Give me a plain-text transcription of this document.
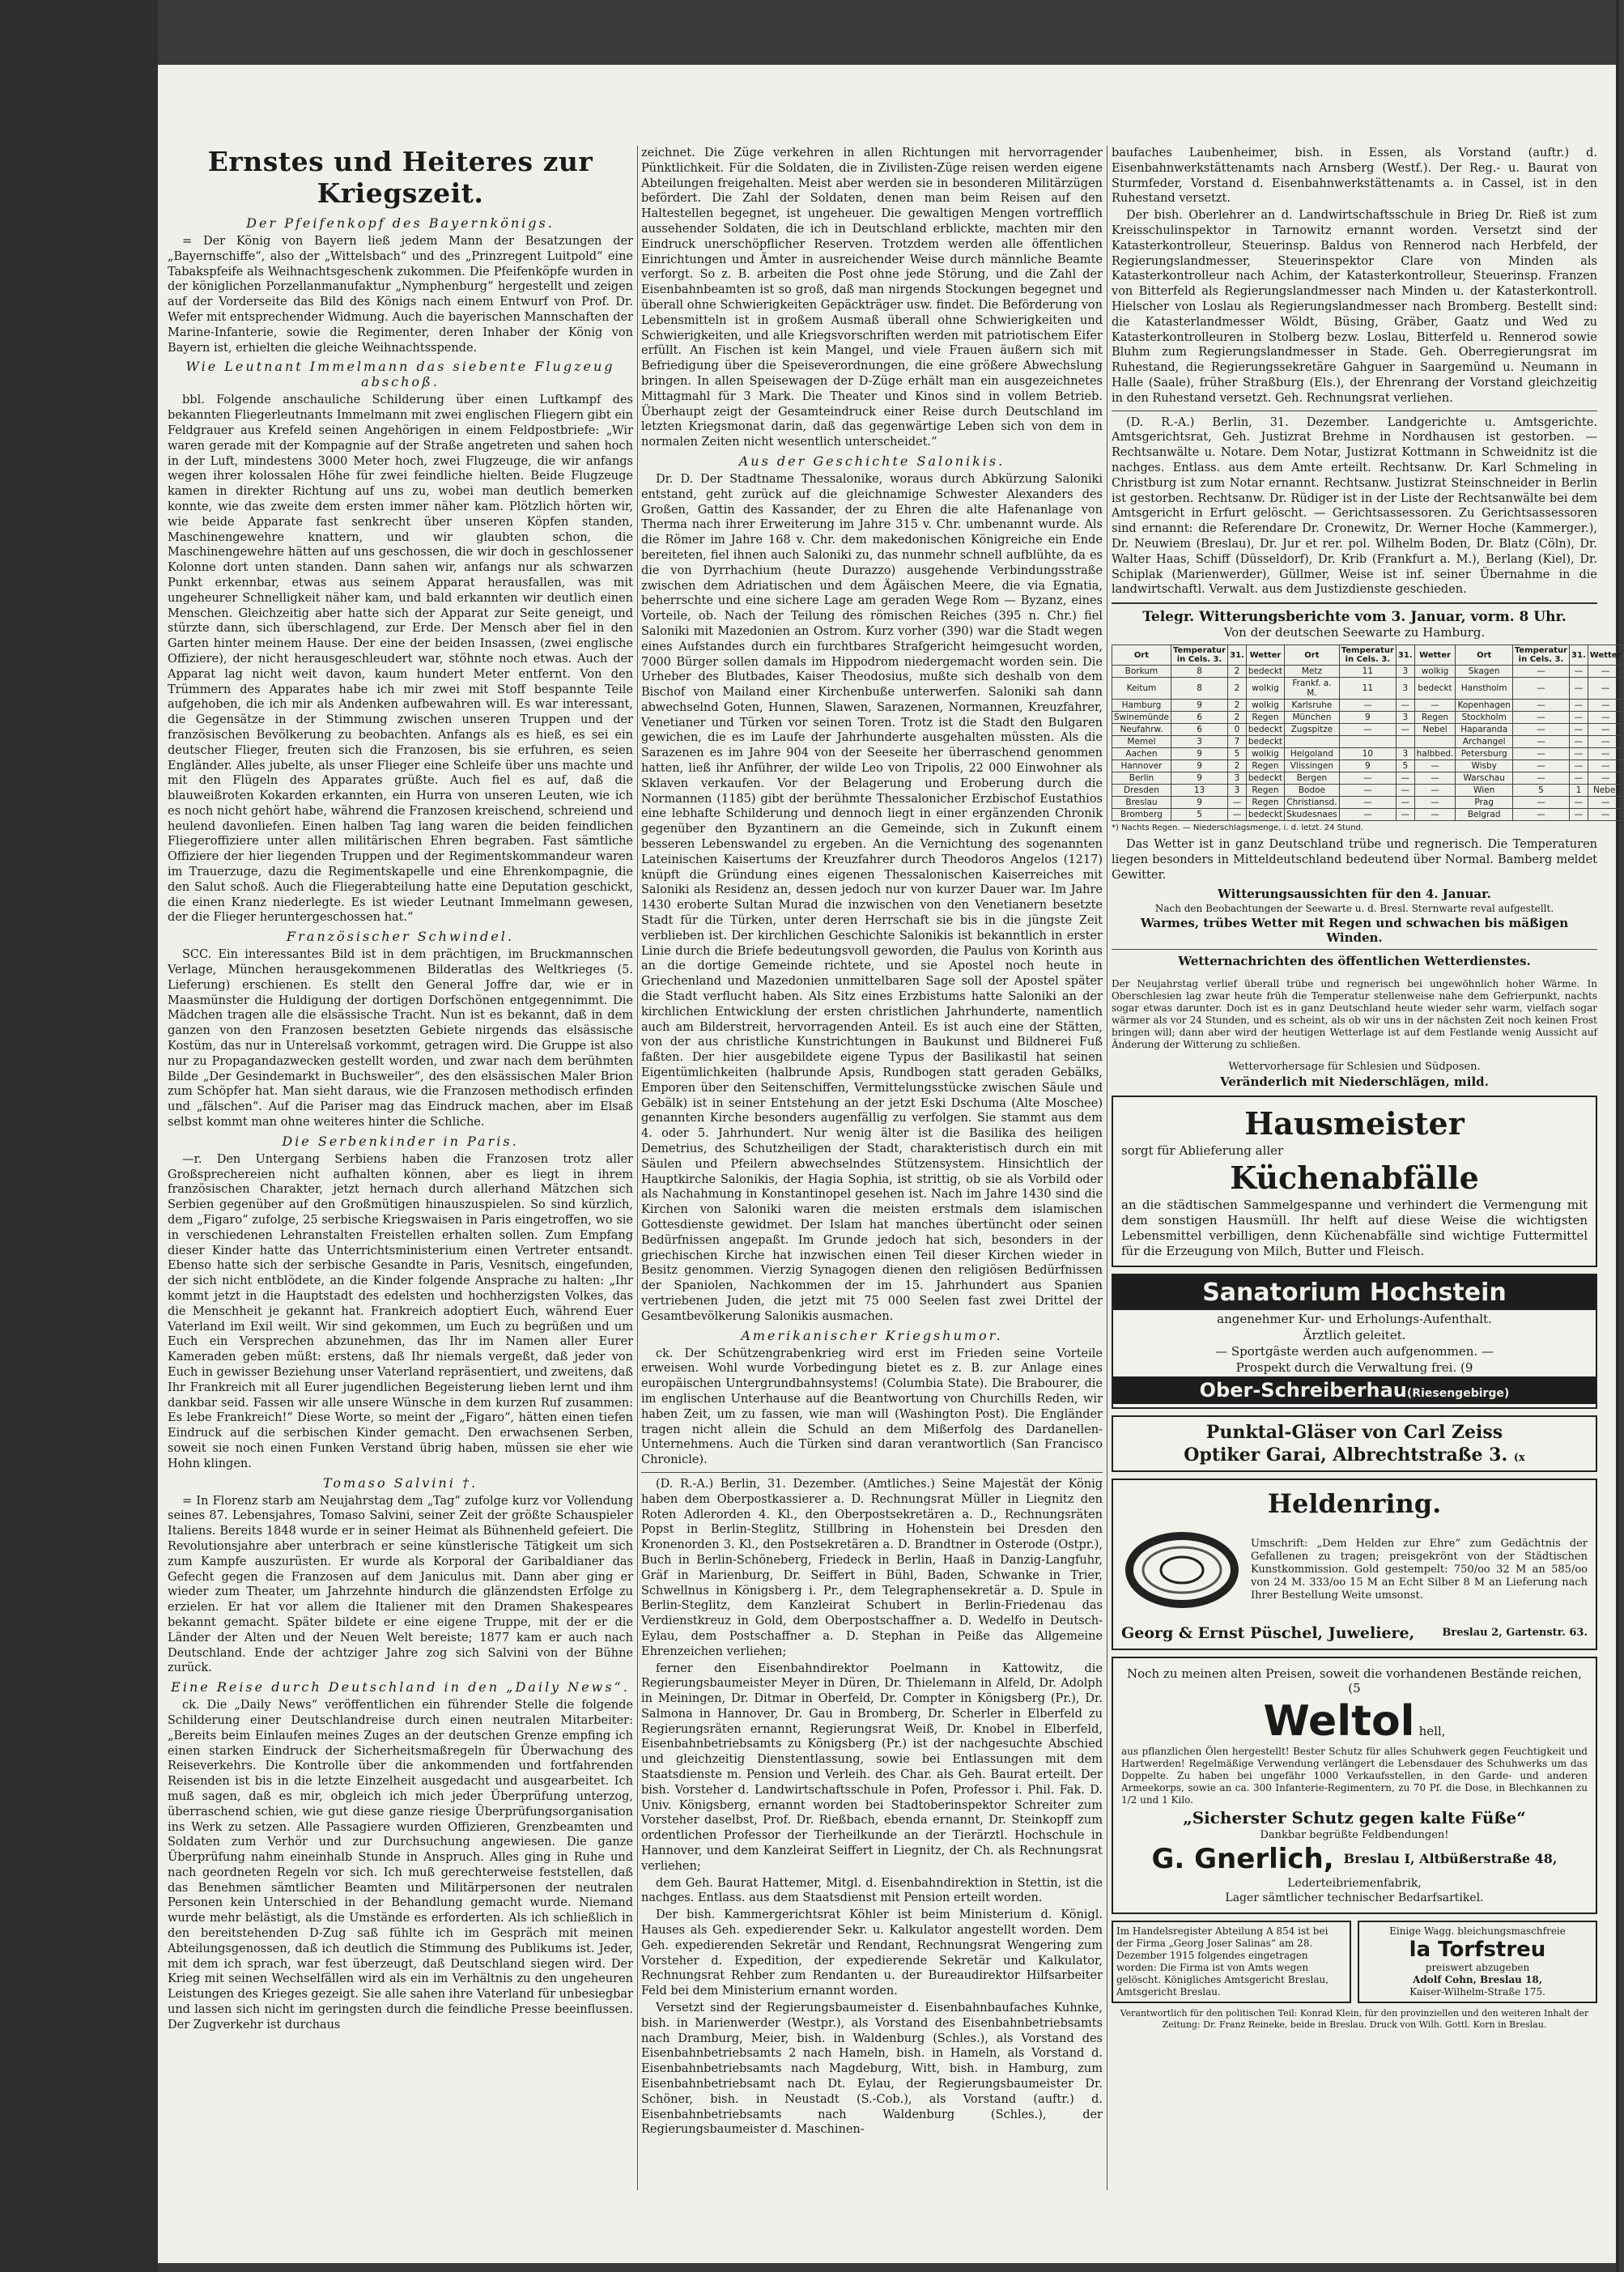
Ernstes und Heiteres zur Kriegszeit.
Der Pfeifenkopf des Bayernkönigs.

= Der König von Bayern ließ jedem Mann der Besatzungen der „Bayernschiffe“, also der „Wittelsbach“ und des „Prinzregent Luitpold“ eine Tabakspfeife als Weihnachtsgeschenk zukommen. Die Pfeifenköpfe wurden in der königlichen Porzellanmanufaktur „Nymphenburg“ hergestellt und zeigen auf der Vorderseite das Bild des Königs nach einem Entwurf von Prof. Dr. Wefer mit entsprechender Widmung. Auch die bayerischen Mannschaften der Marine-Infanterie, sowie die Regimenter, deren Inhaber der König von Bayern ist, erhielten die gleiche Weihnachtsspende.

Wie Leutnant Immelmann das siebente Flugzeug abschoß.

bbl. Folgende anschauliche Schilderung über einen Luftkampf des bekannten Fliegerleutnants Immelmann mit zwei englischen Fliegern gibt ein Feldgrauer aus Krefeld seinen Angehörigen in einem Feldpostbriefe: „Wir waren gerade mit der Kompagnie auf der Straße angetreten und sahen hoch in der Luft, mindestens 3000 Meter hoch, zwei Flugzeuge, die wir anfangs wegen ihrer kolossalen Höhe für zwei feindliche hielten. Beide Flugzeuge kamen in direkter Richtung auf uns zu, wobei man deutlich bemerken konnte, wie das zweite dem ersten immer näher kam. Plötzlich hörten wir, wie beide Apparate fast senkrecht über unseren Köpfen standen, Maschinengewehre knattern, und wir glaubten schon, die Maschinengewehre hätten auf uns geschossen, die wir doch in geschlossener Kolonne dort unten standen. Dann sahen wir, anfangs nur als schwarzen Punkt erkennbar, etwas aus seinem Apparat herausfallen, was mit ungeheurer Schnelligkeit näher kam, und bald erkannten wir deutlich einen Menschen. Gleichzeitig aber hatte sich der Apparat zur Seite geneigt, und stürzte dann, sich überschlagend, zur Erde. Der Mensch aber fiel in den Garten hinter meinem Hause. Der eine der beiden Insassen, (zwei englische Offiziere), der nicht herausgeschleudert war, stöhnte noch etwas. Auch der Apparat lag nicht weit davon, kaum hundert Meter entfernt. Von den Trümmern des Apparates habe ich mir zwei mit Stoff bespannte Teile aufgehoben, die ich mir als Andenken aufbewahren will. Es war interessant, die Gegensätze in der Stimmung zwischen unseren Truppen und der französischen Bevölkerung zu beobachten. Anfangs als es hieß, es sei ein deutscher Flieger, freuten sich die Franzosen, bis sie erfuhren, es seien Engländer. Alles jubelte, als unser Flieger eine Schleife über uns machte und mit den Flügeln des Apparates grüßte. Auch fiel es auf, daß die blauweißroten Kokarden erkannten, ein Hurra von unseren Leuten, wie ich es noch nicht gehört habe, während die Franzosen kreischend, schreiend und heulend davonliefen. Einen halben Tag lang waren die beiden feindlichen Fliegeroffiziere unter allen militärischen Ehren begraben. Fast sämtliche Offiziere der hier liegenden Truppen und der Regimentskommandeur waren im Trauerzuge, dazu die Regimentskapelle und eine Ehrenkompagnie, die den Salut schoß. Auch die Fliegerabteilung hatte eine Deputation geschickt, die einen Kranz niederlegte. Es ist wieder Leutnant Immelmann gewesen, der die Flieger heruntergeschossen hat.“

Französischer Schwindel.

SCC. Ein interessantes Bild ist in dem prächtigen, im Bruckmannschen Verlage, München herausgekommenen Bilderatlas des Weltkrieges (5. Lieferung) erschienen. Es stellt den General Joffre dar, wie er in Maasmünster die Huldigung der dortigen Dorfschönen entgegennimmt. Die Mädchen tragen alle die elsässische Tracht. Nun ist es bekannt, daß in dem ganzen von den Franzosen besetzten Gebiete nirgends das elsässische Kostüm, das nur in Unterelsaß vorkommt, getragen wird. Die Gruppe ist also nur zu Propagandazwecken gestellt worden, und zwar nach dem berühmten Bilde „Der Gesindemarkt in Buchsweiler“, des den elsässischen Maler Brion zum Schöpfer hat. Man sieht daraus, wie die Franzosen methodisch erfinden und „fälschen“. Auf die Pariser mag das Eindruck machen, aber im Elsaß selbst kommt man ohne weiteres hinter die Schliche.

Die Serbenkinder in Paris.

—r. Den Untergang Serbiens haben die Franzosen trotz aller Großsprechereien nicht aufhalten können, aber es liegt in ihrem französischen Charakter, jetzt hernach durch allerhand Mätzchen sich Serbien gegenüber auf den Großmütigen hinauszuspielen. So sind kürzlich, dem „Figaro“ zufolge, 25 serbische Kriegswaisen in Paris eingetroffen, wo sie in verschiedenen Lehranstalten Freistellen erhalten sollen. Zum Empfang dieser Kinder hatte das Unterrichtsministerium einen Vertreter entsandt. Ebenso hatte sich der serbische Gesandte in Paris, Vesnitsch, eingefunden, der sich nicht entblödete, an die Kinder folgende Ansprache zu halten: „Ihr kommt jetzt in die Hauptstadt des edelsten und hochherzigsten Volkes, das die Menschheit je gekannt hat. Frankreich adoptiert Euch, während Euer Vaterland im Exil weilt. Wir sind gekommen, um Euch zu begrüßen und um Euch ein Versprechen abzunehmen, das Ihr im Namen aller Eurer Kameraden geben müßt: erstens, daß Ihr niemals vergeßt, daß jeder von Euch in gewisser Beziehung unser Vaterland repräsentiert, und zweitens, daß Ihr Frankreich mit all Eurer jugendlichen Begeisterung lieben lernt und ihm dankbar seid. Fassen wir alle unsere Wünsche in dem kurzen Ruf zusammen: Es lebe Frankreich!“ Diese Worte, so meint der „Figaro“, hätten einen tiefen Eindruck auf die serbischen Kinder gemacht. Den erwachsenen Serben, soweit sie noch einen Funken Verstand übrig haben, müssen sie eher wie Hohn klingen.

Tomaso Salvini †.

= In Florenz starb am Neujahrstag dem „Tag“ zufolge kurz vor Vollendung seines 87. Lebensjahres, Tomaso Salvini, seiner Zeit der größte Schauspieler Italiens. Bereits 1848 wurde er in seiner Heimat als Bühnenheld gefeiert. Die Revolutionsjahre aber unterbrach er seine künstlerische Tätigkeit um sich zum Kampfe auszurüsten. Er wurde als Korporal der Garibaldianer das Gefecht gegen die Franzosen auf dem Janiculus mit. Dann aber ging er wieder zum Theater, um Jahrzehnte hindurch die glänzendsten Erfolge zu erzielen. Er hat vor allem die Italiener mit den Dramen Shakespeares bekannt gemacht. Später bildete er eine eigene Truppe, mit der er die Länder der Alten und der Neuen Welt bereiste; 1877 kam er auch nach Deutschland. Ende der achtziger Jahre zog sich Salvini von der Bühne zurück.

Eine Reise durch Deutschland in den „Daily News“.

ck. Die „Daily News“ veröffentlichen ein führender Stelle die folgende Schilderung einer Deutschlandreise durch einen neutralen Mitarbeiter: „Bereits beim Einlaufen meines Zuges an der deutschen Grenze empfing ich einen starken Eindruck der Sicherheitsmaßregeln für Überwachung des Reiseverkehrs. Die Kontrolle über die ankommenden und fortfahrenden Reisenden ist bis in die letzte Einzelheit ausgedacht und ausgearbeitet. Ich muß sagen, daß es mir, obgleich ich mich jeder Überprüfung unterzog, überraschend schien, wie gut diese ganze riesige Überprüfungsorganisation ins Werk zu setzen. Alle Passagiere wurden Offizieren, Grenzbeamten und Soldaten zum Verhör und zur Durchsuchung angewiesen. Die ganze Überprüfung nahm eineinhalb Stunde in Anspruch. Alles ging in Ruhe und nach geordneten Regeln vor sich. Ich muß gerechterweise feststellen, daß das Benehmen sämtlicher Beamten und Militärpersonen der neutralen Personen kein Unterschied in der Behandlung gemacht wurde. Niemand wurde mehr belästigt, als die Umstände es erforderten. Als ich schließlich in den bereitstehenden D-Zug saß fühlte ich im Gespräch mit meinen Abteilungsgenossen, daß ich deutlich die Stimmung des Publikums ist. Jeder, mit dem ich sprach, war fest überzeugt, daß Deutschland siegen wird. Der Krieg mit seinen Wechselfällen wird als ein im Verhältnis zu den ungeheuren Leistungen des Krieges gezeigt. Sie alle sahen ihre Vaterland für unbesiegbar und lassen sich nicht im geringsten durch die feindliche Presse beeinflussen. Der Zugverkehr ist durchaus

zeichnet. Die Züge verkehren in allen Richtungen mit hervorragender Pünktlichkeit. Für die Soldaten, die in Zivilisten-Züge reisen werden eigene Abteilungen freigehalten. Meist aber werden sie in besonderen Militärzügen befördert. Die Zahl der Soldaten, denen man beim Reisen auf den Haltestellen begegnet, ist ungeheuer. Die gewaltigen Mengen vortrefflich aussehender Soldaten, die ich in Deutschland erblickte, machten mir den Eindruck unerschöpflicher Reserven. Trotzdem werden alle öffentlichen Einrichtungen und Ämter in ausreichender Weise durch männliche Beamte verforgt. So z. B. arbeiten die Post ohne jede Störung, und die Zahl der Eisenbahnbeamten ist so groß, daß man nirgends Stockungen begegnet und überall ohne Schwierigkeiten Gepäckträger usw. findet. Die Beförderung von Lebensmitteln ist in großem Ausmaß überall ohne Schwierigkeiten und Schwierigkeiten, und alle Kriegsvorschriften werden mit patriotischem Eifer erfüllt. An Fischen ist kein Mangel, und viele Frauen äußern sich mit Befriedigung über die Speiseverordnungen, die eine größere Abwechslung bringen. In allen Speisewagen der D-Züge erhält man ein ausgezeichnetes Mittagmahl für 3 Mark. Die Theater und Kinos sind in vollem Betrieb. Überhaupt zeigt der Gesamteindruck einer Reise durch Deutschland im letzten Kriegsmonat darin, daß das gegenwärtige Leben sich von dem in normalen Zeiten nicht wesentlich unterscheidet.“

Aus der Geschichte Salonikis.

Dr. D. Der Stadtname Thessalonike, woraus durch Abkürzung Saloniki entstand, geht zurück auf die gleichnamige Schwester Alexanders des Großen, Gattin des Kassander, der zu Ehren die alte Hafenanlage von Therma nach ihrer Erweiterung im Jahre 315 v. Chr. umbenannt wurde. Als die Römer im Jahre 168 v. Chr. dem makedonischen Königreiche ein Ende bereiteten, fiel ihnen auch Saloniki zu, das nunmehr schnell aufblühte, da es die von Dyrrhachium (heute Durazzo) ausgehende Verbindungsstraße zwischen dem Adriatischen und dem Ägäischen Meere, die via Egnatia, beherrschte und eine sichere Lage am geraden Wege Rom — Byzanz, eines Vorteile, ob. Nach der Teilung des römischen Reiches (395 n. Chr.) fiel Saloniki mit Mazedonien an Ostrom. Kurz vorher (390) war die Stadt wegen eines Aufstandes durch ein furchtbares Strafgericht heimgesucht worden, 7000 Bürger sollen damals im Hippodrom niedergemacht worden sein. Die Urheber des Blutbades, Kaiser Theodosius, mußte sich deshalb von dem Bischof von Mailand einer Kirchenbuße unterwerfen. Saloniki sah dann abwechselnd Goten, Hunnen, Slawen, Sarazenen, Normannen, Kreuzfahrer, Venetianer und Türken vor seinen Toren. Trotz ist die Stadt den Bulgaren gewichen, die es im Laufe der Jahrhunderte ausgehalten müssten. Als die Sarazenen es im Jahre 904 von der Seeseite her überraschend genommen hatten, ließ ihr Anführer, der wilde Leo von Tripolis, 22 000 Einwohner als Sklaven verkaufen. Vor der Belagerung und Eroberung durch die Normannen (1185) gibt der berühmte Thessalonicher Erzbischof Eustathios eine lebhafte Schilderung und dennoch liegt in einer ergänzenden Chronik gegenüber den Byzantinern an die Gemeinde, sich in Zukunft einem besseren Lebenswandel zu ergeben. An die Vernichtung des sogenannten Lateinischen Kaisertums der Kreuzfahrer durch Theodoros Angelos (1217) knüpft die Gründung eines eigenen Thessalonischen Kaiserreiches mit Saloniki als Residenz an, dessen jedoch nur von kurzer Dauer war. Im Jahre 1430 eroberte Sultan Murad die inzwischen von den Venetianern besetzte Stadt für die Türken, unter deren Herrschaft sie bis in die jüngste Zeit verblieben ist. Der kirchlichen Geschichte Salonikis ist bekanntlich in erster Linie durch die Briefe bedeutungsvoll geworden, die Paulus von Korinth aus an die dortige Gemeinde richtete, und sie Apostel noch heute in Griechenland und Mazedonien unmittelbaren Sage soll der Apostel später die Stadt verflucht haben. Als Sitz eines Erzbistums hatte Saloniki an der kirchlichen Entwicklung der ersten christlichen Jahrhunderte, namentlich auch am Bilderstreit, hervorragenden Anteil. Es ist auch eine der Stätten, von der aus christliche Kunstrichtungen in Baukunst und Bildnerei Fuß faßten. Der hier ausgebildete eigene Typus der Basilikastil hat seinen Eigentümlichkeiten (halbrunde Apsis, Rundbogen statt geraden Gebälks, Emporen über den Seitenschiffen, Vermittelungsstücke zwischen Säule und Gebälk) ist in seiner Entstehung an der jetzt Eski Dschuma (Alte Moschee) genannten Kirche besonders augenfällig zu verfolgen. Sie stammt aus dem 4. oder 5. Jahrhundert. Nur wenig älter ist die Basilika des heiligen Demetrius, des Schutzheiligen der Stadt, charakteristisch durch ein mit Säulen und Pfeilern abwechselndes Stützensystem. Hinsichtlich der Hauptkirche Salonikis, der Hagia Sophia, ist strittig, ob sie als Vorbild oder als Nachahmung in Konstantinopel gesehen ist. Nach im Jahre 1430 sind die Kirchen von Saloniki waren die meisten erstmals dem islamischen Gottesdienste gewidmet. Der Islam hat manches übertüncht oder seinen Bedürfnissen angepaßt. Im Grunde jedoch hat sich, besonders in der griechischen Kirche hat inzwischen einen Teil dieser Kirchen wieder in Besitz genommen. Vierzig Synagogen dienen den religiösen Bedürfnissen der Spaniolen, Nachkommen der im 15. Jahrhundert aus Spanien vertriebenen Juden, die jetzt mit 75 000 Seelen fast zwei Drittel der Gesamtbevölkerung Salonikis ausmachen.

Amerikanischer Kriegshumor.

ck. Der Schützengrabenkrieg wird erst im Frieden seine Vorteile erweisen. Wohl wurde Vorbedingung bietet es z. B. zur Anlage eines europäischen Untergrundbahnsystems! (Columbia State). Die Brabourer, die im englischen Unterhause auf die Beantwortung von Churchills Reden, wir haben Zeit, um zu fassen, wie man will (Washington Post). Die Engländer tragen nicht allein die Schuld an dem Mißerfolg des Dardanellen-Unternehmens. Auch die Türken sind daran verantwortlich (San Francisco Chronicle).

(D. R.-A.) Berlin, 31. Dezember. (Amtliches.) Seine Majestät der König haben dem Oberpostkassierer a. D. Rechnungsrat Müller in Liegnitz den Roten Adlerorden 4. Kl., den Oberpostsekretären a. D., Rechnungsräten Popst in Berlin-Steglitz, Stillbring in Hohenstein bei Dresden den Kronenorden 3. Kl., den Postsekretären a. D. Brandtner in Osterode (Ostpr.), Buch in Berlin-Schöneberg, Friedeck in Berlin, Haaß in Danzig-Langfuhr, Gräf in Marienburg, Dr. Seiffert in Bühl, Baden, Schwanke in Trier, Schwellnus in Königsberg i. Pr., dem Telegraphensekretär a. D. Spule in Berlin-Steglitz, dem Kanzleirat Schubert in Berlin-Friedenau das Verdienstkreuz in Gold, dem Oberpostschaffner a. D. Wedelfo in Deutsch-Eylau, dem Postschaffner a. D. Stephan in Peiße das Allgemeine Ehrenzeichen verliehen;

ferner den Eisenbahndirektor Poelmann in Kattowitz, die Regierungsbaumeister Meyer in Düren, Dr. Thielemann in Alfeld, Dr. Adolph in Meiningen, Dr. Ditmar in Oberfeld, Dr. Compter in Königsberg (Pr.), Dr. Salmona in Hannover, Dr. Gau in Bromberg, Dr. Scherler in Elberfeld zu Regierungsräten ernannt, Regierungsrat Weiß, Dr. Knobel in Elberfeld, Eisenbahnbetriebsamts zu Königsberg (Pr.) ist der nachgesuchte Abschied und gleichzeitig Dienstentlassung, sowie bei Entlassungen mit dem Staatsdienste m. Pension und Verleih. des Char. als Geh. Baurat erteilt. Der bish. Vorsteher d. Landwirtschaftsschule in Pofen, Professor i. Phil. Fak. D. Univ. Königsberg, ernannt worden bei Stadtoberinspektor Schreiter zum Vorsteher daselbst, Prof. Dr. Rießbach, ebenda ernannt, Dr. Steinkopff zum ordentlichen Professor der Tierheilkunde an der Tierärztl. Hochschule in Hannover, und dem Kanzleirat Seiffert in Liegnitz, der Ch. als Rechnungsrat verliehen;

dem Geh. Baurat Hattemer, Mitgl. d. Eisenbahndirektion in Stettin, ist die nachges. Entlass. aus dem Staatsdienst mit Pension erteilt worden.

Der bish. Kammergerichtsrat Köhler ist beim Ministerium d. Königl. Hauses als Geh. expedierender Sekr. u. Kalkulator angestellt worden. Dem Geh. expedierenden Sekretär und Rendant, Rechnungsrat Wengering zum Vorsteher d. Expedition, der expedierende Sekretär und Kalkulator, Rechnungsrat Rehber zum Rendanten u. der Bureaudirektor Hilfsarbeiter Feld bei dem Ministerium ernannt worden.

Versetzt sind der Regierungsbaumeister d. Eisenbahnbaufaches Kuhnke, bish. in Marienwerder (Westpr.), als Vorstand des Eisenbahnbetriebsamts nach Dramburg, Meier, bish. in Waldenburg (Schles.), als Vorstand des Eisenbahnbetriebsamts 2 nach Hameln, bish. in Hameln, als Vorstand d. Eisenbahnbetriebsamts nach Magdeburg, Witt, bish. in Hamburg, zum Eisenbahnbetriebsamt nach Dt. Eylau, der Regierungsbaumeister Dr. Schöner, bish. in Neustadt (S.-Cob.), als Vorstand (auftr.) d. Eisenbahnbetriebsamts nach Waldenburg (Schles.), der Regierungsbaumeister d. Maschinen-

baufaches Laubenheimer, bish. in Essen, als Vorstand (auftr.) d. Eisenbahnwerkstättenamts nach Arnsberg (Westf.). Der Reg.- u. Baurat von Sturmfeder, Vorstand d. Eisenbahnwerkstättenamts a. in Cassel, ist in den Ruhestand versetzt.

Der bish. Oberlehrer an d. Landwirtschaftsschule in Brieg Dr. Rieß ist zum Kreisschulinspektor in Tarnowitz ernannt worden. Versetzt sind der Katasterkontrolleur, Steuerinsp. Baldus von Rennerod nach Herbfeld, der Regierungslandmesser, Steuerinspektor Clare von Minden als Katasterkontrolleur nach Achim, der Katasterkontrolleur, Steuerinsp. Franzen von Bitterfeld als Regierungslandmesser nach Minden u. der Katasterkontroll. Hielscher von Loslau als Regierungslandmesser nach Bromberg. Bestellt sind: die Katasterlandmesser Wöldt, Büsing, Gräber, Gaatz und Wed zu Katasterkontrolleuren in Stolberg bezw. Loslau, Bitterfeld u. Rennerod sowie Bluhm zum Regierungslandmesser in Stade. Geh. Oberregierungsrat im Ruhestand, die Regierungssekretäre Gahguer in Saargemünd u. Neumann in Halle (Saale), früher Straßburg (Els.), der Ehrenrang der Vorstand gleichzeitig in den Ruhestand versetzt. Geh. Rechnungsrat verliehen.

(D. R.-A.) Berlin, 31. Dezember. Landgerichte u. Amtsgerichte. Amtsgerichtsrat, Geh. Justizrat Brehme in Nordhausen ist gestorben. — Rechtsanwälte u. Notare. Dem Notar, Justizrat Kottmann in Schweidnitz ist die nachges. Entlass. aus dem Amte erteilt. Rechtsanw. Dr. Karl Schmeling in Christburg ist zum Notar ernannt. Rechtsanw. Justizrat Steinschneider in Berlin ist gestorben. Rechtsanw. Dr. Rüdiger ist in der Liste der Rechtsanwälte bei dem Amtsgericht in Erfurt gelöscht. — Gerichtsassessoren. Zu Gerichtsassessoren sind ernannt: die Referendare Dr. Cronewitz, Dr. Werner Hoche (Kammerger.), Dr. Neuwiem (Breslau), Dr. Jur et rer. pol. Wilhelm Boden, Dr. Blatz (Cöln), Dr. Walter Haas, Schiff (Düsseldorf), Dr. Krib (Frankfurt a. M.), Berlang (Kiel), Dr. Schiplak (Marienwerder), Güllmer, Weise ist inf. seiner Übernahme in die landwirtschaftl. Verwalt. aus dem Justizdienste geschieden.

Telegr. Witterungsberichte vom 3. Januar, vorm. 8 Uhr.
Von der deutschen Seewarte zu Hamburg.
Ort	Temperatur in Cels. 3.	31.	Wetter	Ort	Temperatur in Cels. 3.	31.	Wetter	Ort	Temperatur in Cels. 3.	31.	Wetter
Borkum	8	2	bedeckt	Metz	11	3	wolkig	Skagen	—	—	—
Keitum	8	2	wolkig	Frankf. a. M.	11	3	bedeckt	Hanstholm	—	—	—
Hamburg	9	2	wolkig	Karlsruhe	—	—	—	Kopenhagen	—	—	—
Swinemünde	6	2	Regen	München	9	3	Regen	Stockholm	—	—	—
Neufahrw.	6	0	bedeckt	Zugspitze	—	—	Nebel	Haparanda	—	—	—
Memel	3	7	bedeckt					Archangel	—	—	—
Aachen	9	5	wolkig	Helgoland	10	3	halbbed.	Petersburg	—	—	—
Hannover	9	2	Regen	Vlissingen	9	5	—	Wisby	—	—	—
Berlin	9	3	bedeckt	Bergen	—	—	—	Warschau	—	—	—
Dresden	13	3	Regen	Bodoe	—	—	—	Wien	5	1	Nebel
Breslau	9	—	Regen	Christiansd.	—	—	—	Prag	—	—	—
Bromberg	5	—	bedeckt	Skudesnaes	—	—	—	Belgrad	—	—	—
*) Nachts Regen. — Niederschlagsmenge, i. d. letzt. 24 Stund.

Das Wetter ist in ganz Deutschland trübe und regnerisch. Die Temperaturen liegen besonders in Mitteldeutschland bedeutend über Normal. Bamberg meldet Gewitter.

Witterungsaussichten für den 4. Januar.
Nach den Beobachtungen der Seewarte u. d. Bresl. Sternwarte reval aufgestellt.
Warmes, trübes Wetter mit Regen und schwachen bis mäßigen Winden.
Wetternachrichten des öffentlichen Wetterdienstes.

Der Neujahrstag verlief überall trübe und regnerisch bei ungewöhnlich hoher Wärme. In Oberschlesien lag zwar heute früh die Temperatur stellenweise nahe dem Gefrierpunkt, nachts sogar etwas darunter. Doch ist es in ganz Deutschland heute wieder sehr warm, vielfach sogar wärmer als vor 24 Stunden, und es scheint, als ob wir uns in der nächsten Zeit noch keinen Frost bringen will; dann aber wird der heutigen Wetterlage ist auf dem Festlande wenig Aussicht auf Änderung der Witterung zu schließen.

Wettervorhersage für Schlesien und Südposen.
Veränderlich mit Niederschlägen, mild.
Hausmeister
sorgt für Ablieferung aller
Küchenabfälle
an die städtischen Sammelgespanne und verhindert die Vermengung mit dem sonstigen Hausmüll. Ihr helft auf diese Weise die wichtigsten Lebensmittel verbilligen, denn Küchenabfälle sind wichtige Futtermittel für die Erzeugung von Milch, Butter und Fleisch.
Sanatorium Hochstein
angenehmer Kur- und Erholungs-Aufenthalt.
Ärztlich geleitet.
— Sportgäste werden auch aufgenommen. —
Prospekt durch die Verwaltung frei. (9
Ober-Schreiberhau(Riesengebirge)
Punktal-Gläser von Carl Zeiss
Optiker Garai, Albrechtstraße 3. (x
Heldenring.
Umschrift: „Dem Helden zur Ehre“ zum Gedächtnis der Gefallenen zu tragen; preisgekrönt von der Städtischen Kunstkommission. Gold gestempelt: 750/oo 32 M an 585/oo von 24 M. 333/oo 15 M an Echt Silber 8 M an Lieferung nach Ihrer Bestellung Weite umsonst.
Georg & Ernst Püschel, Juweliere,	Breslau 2, Gartenstr. 63.
Noch zu meinen alten Preisen, soweit die vorhandenen Bestände reichen, (5
Weltol hell,
aus pflanzlichen Ölen hergestellt! Bester Schutz für alles Schuhwerk gegen Feuchtigkeit und Hartwerden! Regelmäßige Verwendung verlängert die Lebensdauer des Schuhwerks um das Doppelte. Zu haben bei ungefähr 1000 Verkaufsstellen, in den Garde- und anderen Armeekorps, sowie an ca. 300 Infanterie-Regimentern, zu 70 Pf. die Dose, in Blechkannen zu 1/2 und 1 Kilo.
„Sicherster Schutz gegen kalte Füße“
Dankbar begrüßte Feldbendungen!
G. Gnerlich, Breslau I, Altbüßerstraße 48,
Lederteibriemenfabrik,
Lager sämtlicher technischer Bedarfsartikel.
Im Handelsregister Abteilung A 854 ist bei der Firma „Georg Joser Salinas“ am 28. Dezember 1915 folgendes eingetragen worden: Die Firma ist von Amts wegen gelöscht. Königliches Amtsgericht Breslau, Amtsgericht Breslau.
Einige Wagg. bleichungsmaschfreie
la Torfstreu
preiswert abzugeben
Adolf Cohn, Breslau 18,
Kaiser-Wilhelm-Straße 175.
Verantwortlich für den politischen Teil: Konrad Klein, für den provinziellen und den weiteren Inhalt der Zeitung: Dr. Franz Reineke, beide in Breslau. Druck von Wilh. Gottl. Korn in Breslau.
